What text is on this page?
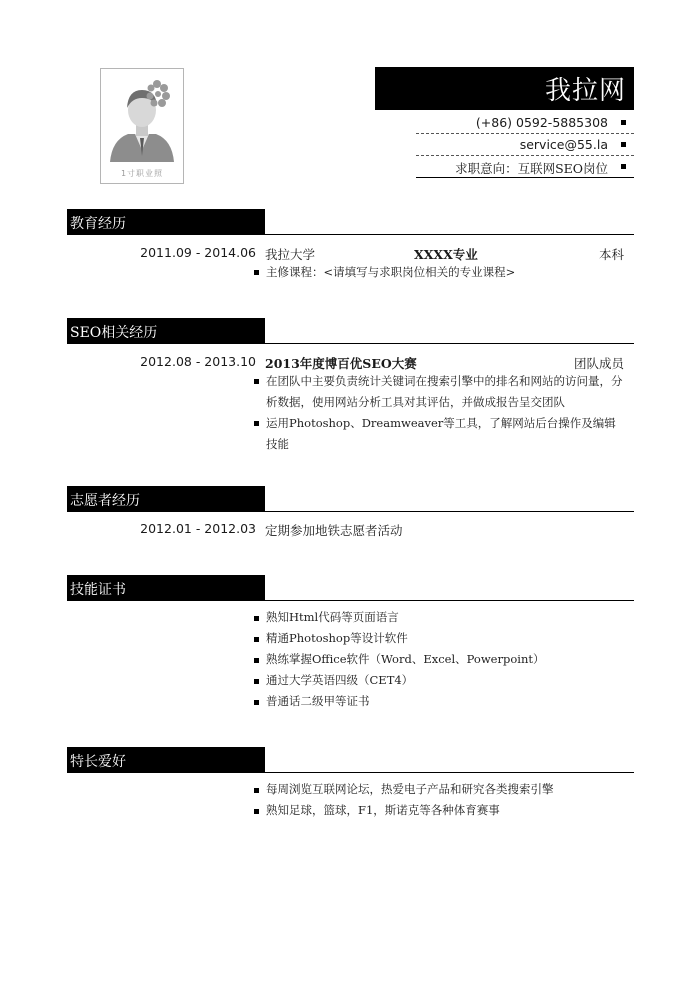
1寸职业照
我拉网
(+86) 0592-5885308
service@55.la
求职意向：互联网SEO岗位
教育经历
2011.09 - 2014.06 我拉大学	XXXX专业	本科
主修课程：<请填写与求职岗位相关的专业课程>
SEO相关经历
2012.08 - 2013.10 2013年度博百优SEO大赛	团队成员
在团队中主要负责统计关键词在搜索引擎中的排名和网站的访问量，分析数据，使用网站分析工具对其评估，并做成报告呈交团队
运用Photoshop、Dreamweaver等工具，了解网站后台操作及编辑技能
志愿者经历
2012.01 - 2012.03 定期参加地铁志愿者活动
技能证书
熟知Html代码等页面语言
精通Photoshop等设计软件
熟练掌握Office软件（Word、Excel、Powerpoint）
通过大学英语四级（CET4）
普通话二级甲等证书
特长爱好
每周浏览互联网论坛，热爱电子产品和研究各类搜索引擎
熟知足球，篮球，F1，斯诺克等各种体育赛事
